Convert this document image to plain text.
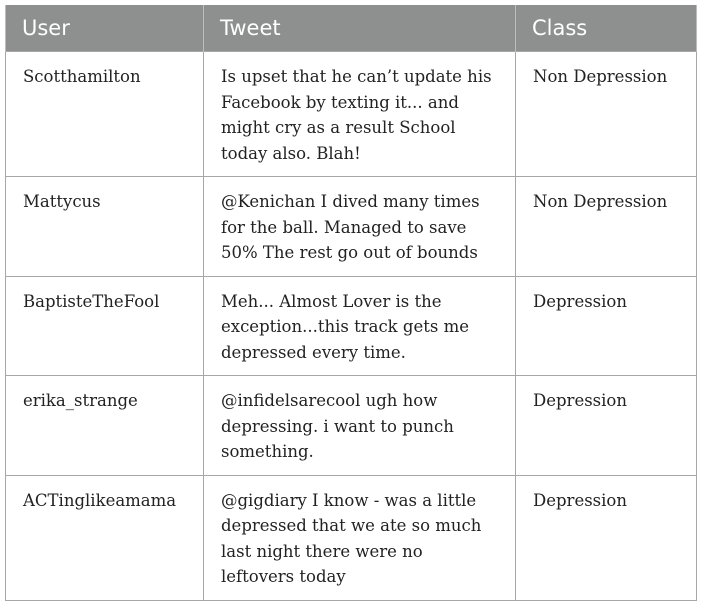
User	Tweet	Class
Scotthamilton	Is upset that he can’t update his Facebook by texting it... and might cry as a result School today also. Blah!	Non Depression
Mattycus	@Kenichan I dived many times for the ball. Managed to save 50% The rest go out of bounds	Non Depression
BaptisteTheFool	Meh... Almost Lover is the exception...this track gets me depressed every time.	Depression
erika_strange	@infidelsarecool ugh how depressing. i want to punch something.	Depression
ACTinglikeamama	@gigdiary I know - was a little depressed that we ate so much last night there were no leftovers today	Depression
